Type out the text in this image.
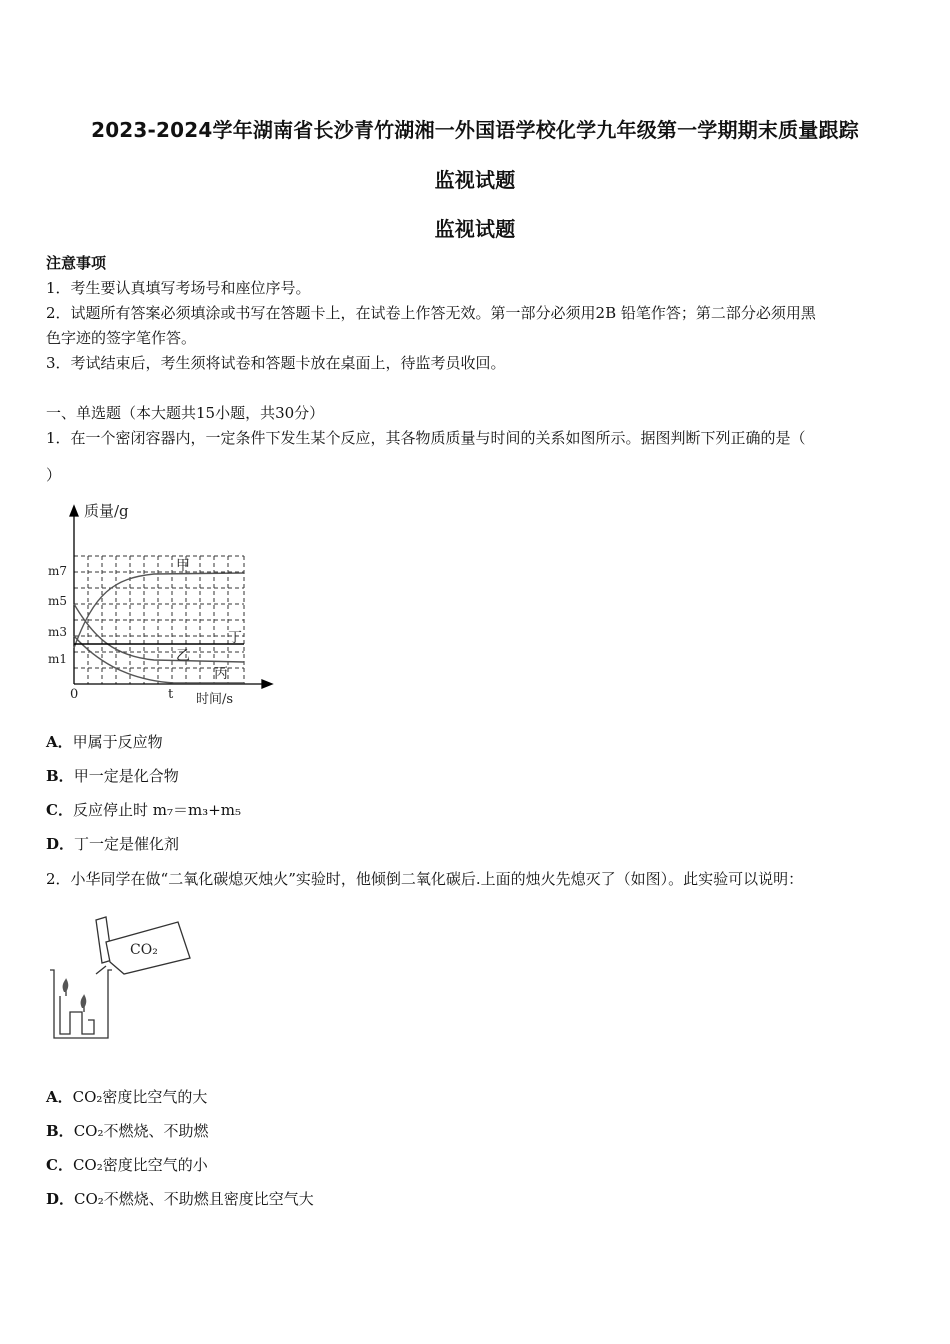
2023-2024学年湖南省长沙青竹湖湘一外国语学校化学九年级第一学期期末质量跟踪
监视试题
监视试题
注意事项
1．考生要认真填写考场号和座位序号。
2．试题所有答案必须填涂或书写在答题卡上，在试卷上作答无效。第一部分必须用2B 铅笔作答；第二部分必须用黑
色字迹的签字笔作答。
3．考试结束后，考生须将试卷和答题卡放在桌面上，待监考员收回。
一、单选题（本大题共15小题，共30分）
1．在一个密闭容器内，一定条件下发生某个反应，其各物质质量与时间的关系如图所示。据图判断下列正确的是（
）
质量/g
时间/s
0	t
m7
m5
m3
m1
甲
乙
丙
丁
A．甲属于反应物
B．甲一定是化合物
C．反应停止时 m₇＝m₃+m₅
D．丁一定是催化剂
2．小华同学在做“二氧化碳熄灭烛火”实验时，他倾倒二氧化碳后.上面的烛火先熄灭了（如图）。此实验可以说明：
CO₂
A．CO₂密度比空气的大
B．CO₂不燃烧、不助燃
C．CO₂密度比空气的小
D．CO₂不燃烧、不助燃且密度比空气大
